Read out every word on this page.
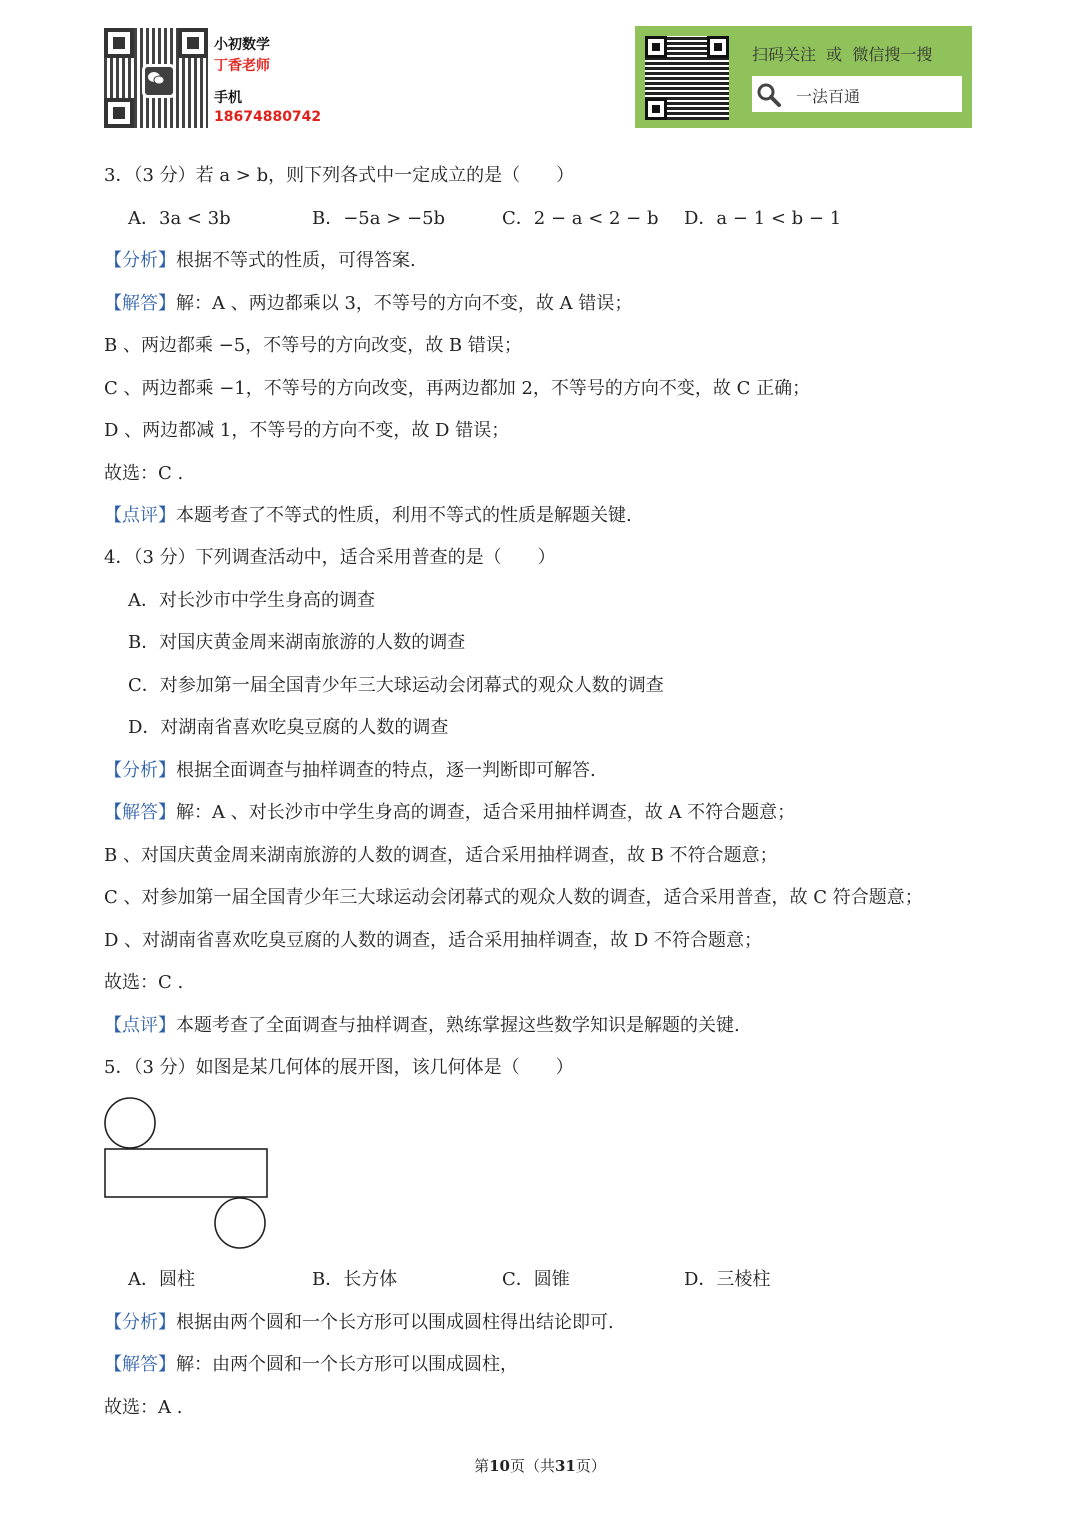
小初数学
丁香老师
手机
18674880742
扫码关注  或  微信搜一搜
一法百通
3．（3 分）若 a > b，则下列各式中一定成立的是（　　）
A．3a < 3b	B．−5a > −5b	C．2 − a < 2 − b D．a − 1 < b − 1
【分析】根据不等式的性质，可得答案.
【解答】解：A 、两边都乘以 3，不等号的方向不变，故 A 错误；
B 、两边都乘 −5，不等号的方向改变，故 B 错误；
C 、两边都乘 −1，不等号的方向改变，再两边都加 2，不等号的方向不变，故 C 正确；
D 、两边都减 1，不等号的方向不变，故 D 错误；
故选：C .
【点评】本题考查了不等式的性质，利用不等式的性质是解题关键.
4．（3 分）下列调查活动中，适合采用普查的是（　　）
A．对长沙市中学生身高的调查
B．对国庆黄金周来湖南旅游的人数的调查
C．对参加第一届全国青少年三大球运动会闭幕式的观众人数的调查
D．对湖南省喜欢吃臭豆腐的人数的调查
【分析】根据全面调查与抽样调查的特点，逐一判断即可解答.
【解答】解：A 、对长沙市中学生身高的调查，适合采用抽样调查，故 A 不符合题意；
B 、对国庆黄金周来湖南旅游的人数的调查，适合采用抽样调查，故 B 不符合题意；
C 、对参加第一届全国青少年三大球运动会闭幕式的观众人数的调查，适合采用普查，故 C 符合题意；
D 、对湖南省喜欢吃臭豆腐的人数的调查，适合采用抽样调查，故 D 不符合题意；
故选：C .
【点评】本题考查了全面调查与抽样调查，熟练掌握这些数学知识是解题的关键.
5．（3 分）如图是某几何体的展开图，该几何体是（　　）
A．圆柱	B．长方体	C．圆锥	D．三棱柱
【分析】根据由两个圆和一个长方形可以围成圆柱得出结论即可.
【解答】解：由两个圆和一个长方形可以围成圆柱，
故选：A .
第10页（共31页）
